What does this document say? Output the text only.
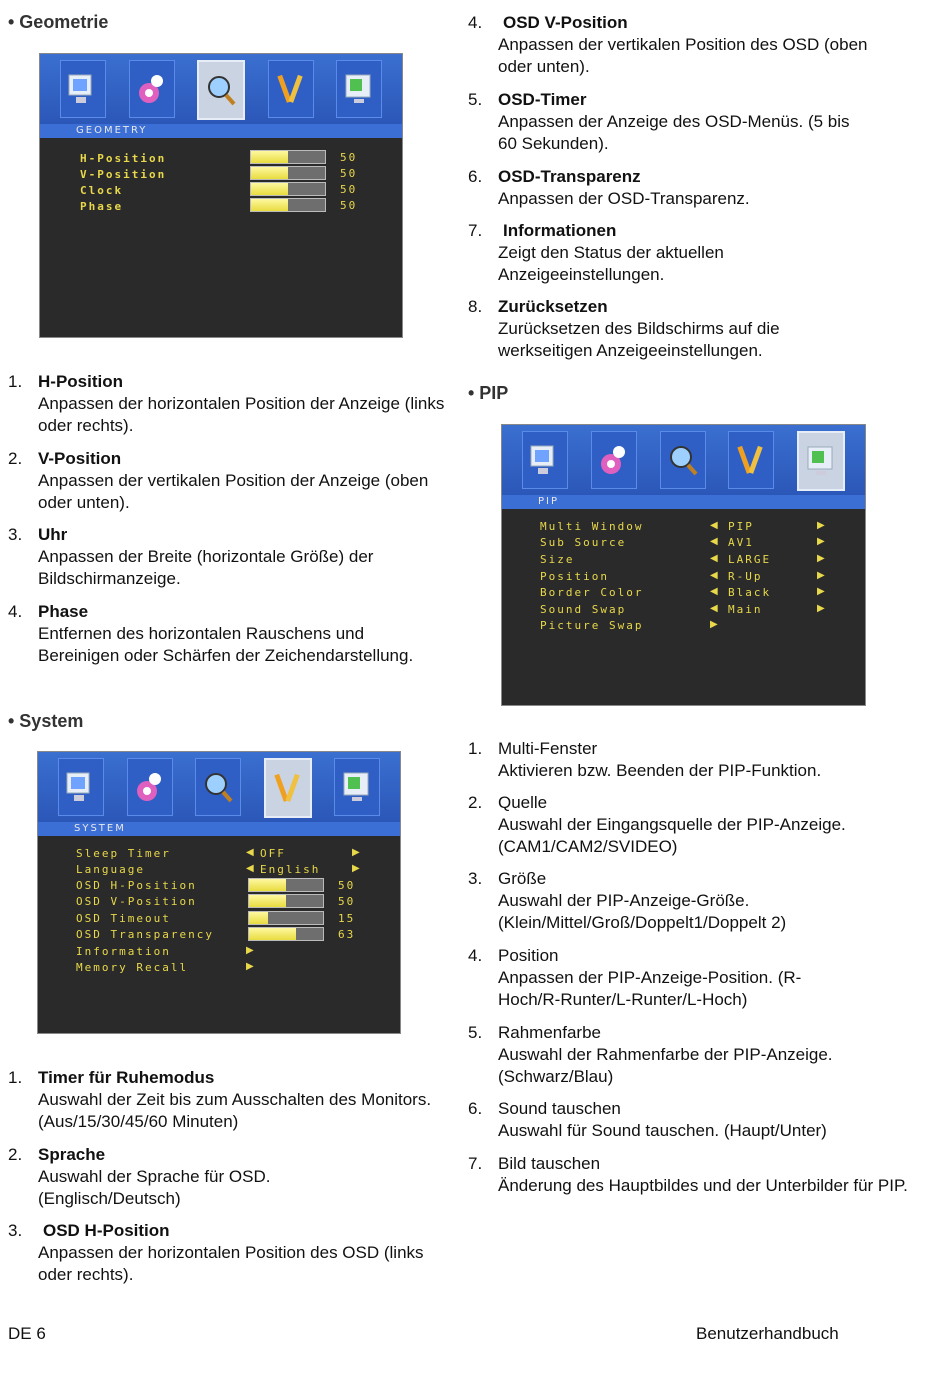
• Geometrie
GEOMETRY
H-Position	50
V-Position	50
Clock	50
Phase	50
1. H-Position
Anpassen der horizontalen Position der Anzeige (links oder rechts).
2. V-Position
Anpassen der vertikalen Position der Anzeige (oben oder unten).
3. Uhr
Anpassen der Breite (horizontale Größe) der Bildschirmanzeige.
4. Phase
Entfernen des horizontalen Rauschens und Bereinigen oder Schärfen der Zeichendarstellung.
• System
SYSTEM
Sleep Timer	◀ OFF	▶
Language	◀ English	▶
OSD H-Position	50
OSD V-Position	50
OSD Timeout	15
OSD Transparency	63
Information	▶
Memory Recall	▶
1. Timer für Ruhemodus
Auswahl der Zeit bis zum Ausschalten des Monitors. (Aus/15/30/45/60 Minuten)
2. Sprache
Auswahl der Sprache für OSD. (Englisch/Deutsch)
3. OSD H-Position
Anpassen der horizontalen Position des OSD (links oder rechts).
4. OSD V-Position
Anpassen der vertikalen Position des OSD (oben oder unten).
5. OSD-Timer
Anpassen der Anzeige des OSD-Menüs. (5 bis 60 Sekunden).
6. OSD-Transparenz
Anpassen der OSD-Transparenz.
7. Informationen
Zeigt den Status der aktuellen Anzeigeeinstellungen.
8. Zurücksetzen
Zurücksetzen des Bildschirms auf die werkseitigen Anzeigeeinstellungen.
• PIP
PIP
Multi Window	◀ PIP	▶
Sub Source	◀ AV1	▶
Size	◀ LARGE	▶
Position	◀ R-Up	▶
Border Color	◀ Black	▶
Sound Swap	◀ Main	▶
Picture Swap	▶
1. Multi-Fenster
Aktivieren bzw. Beenden der PIP-Funktion.
2. Quelle
Auswahl der Eingangsquelle der PIP-Anzeige. (CAM1/CAM2/SVIDEO)
3. Größe
Auswahl der PIP-Anzeige-Größe. (Klein/Mittel/Groß/Doppelt1/Doppelt 2)
4. Position
Anpassen der PIP-Anzeige-Position. (R-Hoch/R-Runter/L-Runter/L-Hoch)
5. Rahmenfarbe
Auswahl der Rahmenfarbe der PIP-Anzeige. (Schwarz/Blau)
6. Sound tauschen
Auswahl für Sound tauschen. (Haupt/Unter)
7. Bild tauschen
Änderung des Hauptbildes und der Unterbilder für PIP.
DE 6	Benutzerhandbuch
